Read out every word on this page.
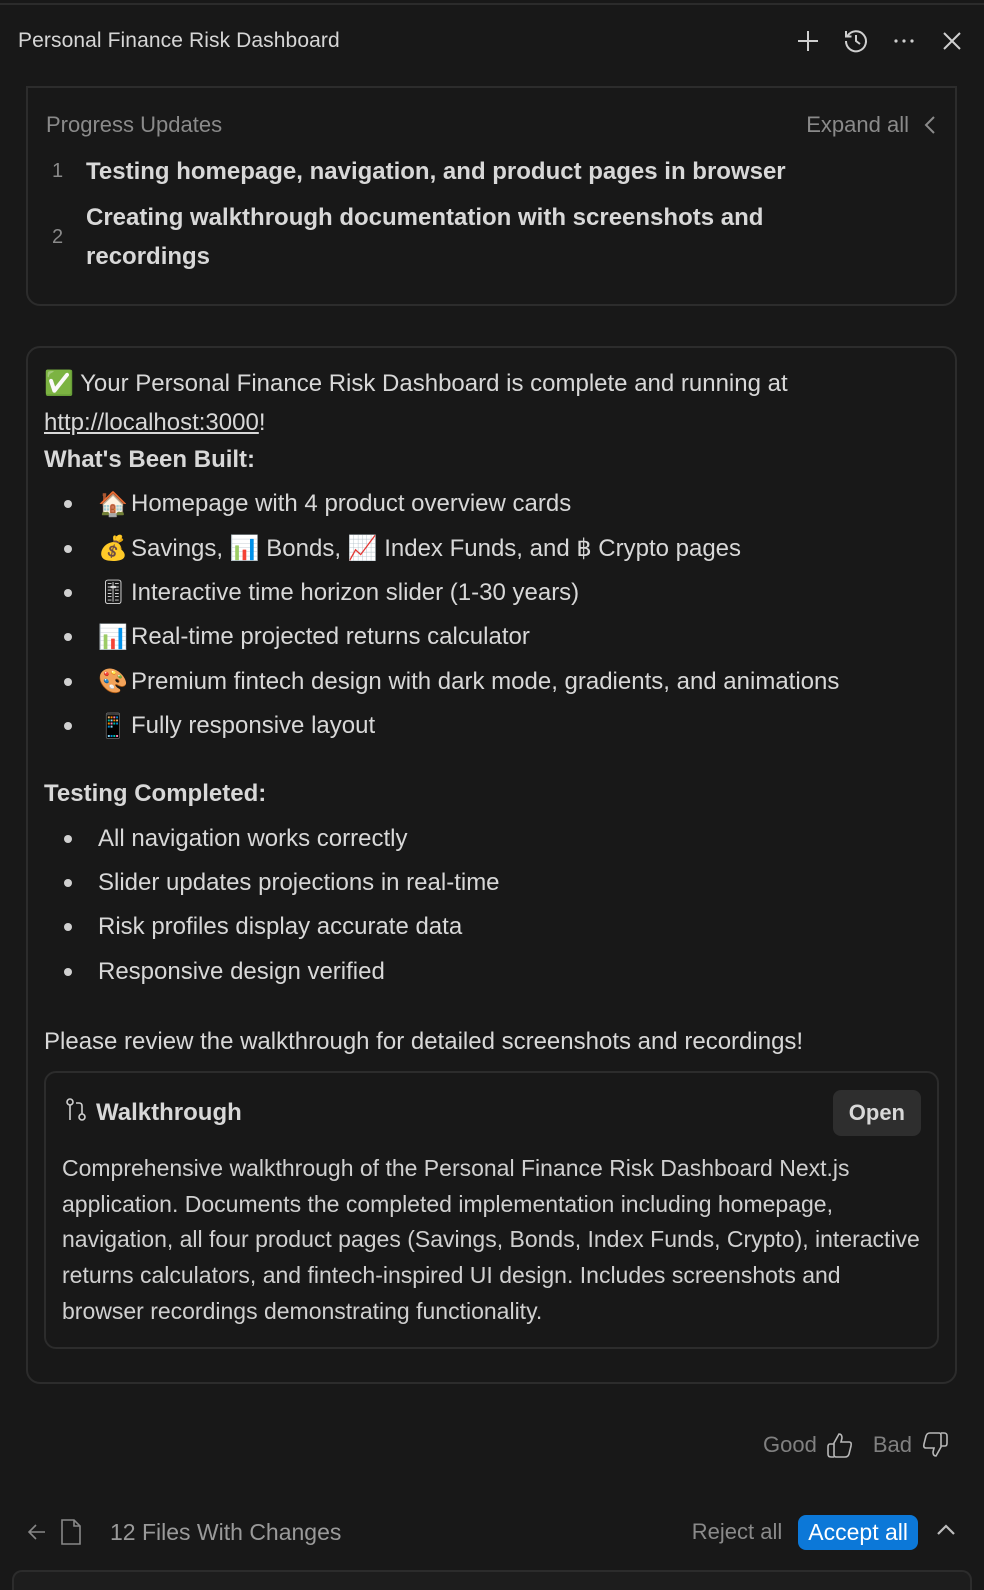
Personal Finance Risk Dashboard
Progress Updates	Expand all
1 Testing homepage, navigation, and product pages in browser
2
Creating walkthrough documentation with screenshots and recordings
✅ Your Personal Finance Risk Dashboard is complete and running at
http://localhost:3000!
What's Been Built:
🏠 Homepage with 4 product overview cards
💰 Savings, 📊 Bonds, 📈 Index Funds, and ฿ Crypto pages
🎚 Interactive time horizon slider (1-30 years)
📊 Real-time projected returns calculator
🎨 Premium fintech design with dark mode, gradients, and animations
📱 Fully responsive layout
Testing Completed:
All navigation works correctly
Slider updates projections in real-time
Risk profiles display accurate data
Responsive design verified
Please review the walkthrough for detailed screenshots and recordings!
Walkthrough	Open
Comprehensive walkthrough of the Personal Finance Risk Dashboard Next.js application. Documents the completed implementation including homepage, navigation, all four product pages (Savings, Bonds, Index Funds, Crypto), interactive returns calculators, and fintech-inspired UI design. Includes screenshots and browser recordings demonstrating functionality.
Good	Bad
12 Files With Changes	Reject all	Accept all
